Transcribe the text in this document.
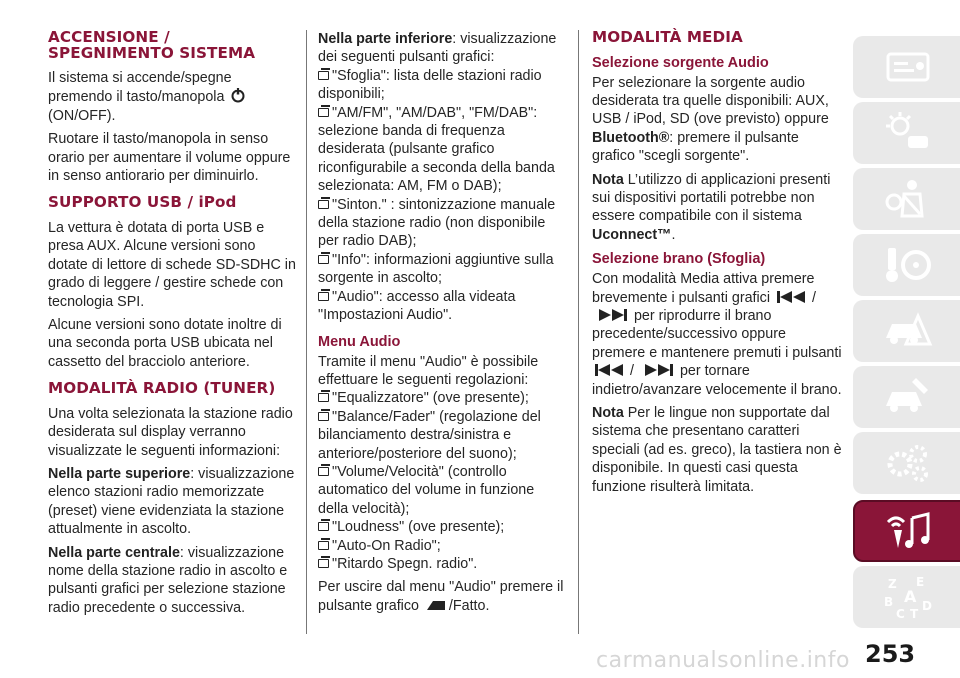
ACCENSIONE / SPEGNIMENTO SISTEMA

Il sistema si accende/spegne premendo il tasto/manopola  (ON/OFF).

Ruotare il tasto/manopola in senso orario per aumentare il volume oppure in senso antiorario per diminuirlo.

SUPPORTO USB / iPod

La vettura è dotata di porta USB e presa AUX. Alcune versioni sono dotate di lettore di schede SD-SDHC in grado di leggere / gestire schede con tecnologia SPI.

Alcune versioni sono dotate inoltre di una seconda porta USB ubicata nel cassetto del bracciolo anteriore.

MODALITÀ RADIO (TUNER)

Una volta selezionata la stazione radio desiderata sul display verranno visualizzate le seguenti informazioni:

Nella parte superiore: visualizzazione elenco stazioni radio memorizzate (preset) viene evidenziata la stazione attualmente in ascolto.

Nella parte centrale: visualizzazione nome della stazione radio in ascolto e pulsanti grafici per selezione stazione radio precedente o successiva.

Nella parte inferiore: visualizzazione dei seguenti pulsanti grafici:
"Sfoglia": lista delle stazioni radio disponibili;
"AM/FM", "AM/DAB", "FM/DAB": selezione banda di frequenza desiderata (pulsante grafico riconfigurabile a seconda della banda selezionata: AM, FM o DAB);
"Sinton." : sintonizzazione manuale della stazione radio (non disponibile per radio DAB);
"Info": informazioni aggiuntive sulla sorgente in ascolto;
"Audio": accesso alla videata "Impostazioni Audio".
Menu Audio
Tramite il menu "Audio" è possibile effettuare le seguenti regolazioni:
"Equalizzatore" (ove presente);
"Balance/Fader" (regolazione del bilanciamento destra/sinistra e anteriore/posteriore del suono);
"Volume/Velocità" (controllo automatico del volume in funzione della velocità);
"Loudness" (ove presente);
"Auto-On Radio";
"Ritardo Spegn. radio".

Per uscire dal menu "Audio" premere il pulsante grafico /Fatto.

MODALITÀ MEDIA
Selezione sorgente Audio

Per selezionare la sorgente audio desiderata tra quelle disponibili: AUX, USB / iPod, SD (ove previsto) oppure Bluetooth®: premere il pulsante grafico "scegli sorgente".

Nota L’utilizzo di applicazioni presenti sui dispositivi portatili potrebbe non essere compatibile con il sistema Uconnect™.

Selezione brano (Sfoglia)

Con modalità Media attiva premere brevemente i pulsanti grafici	/  per riprodurre il brano precedente/successivo oppure premere e mantenere premuti i pulsanti /	per tornare indietro/avanzare velocemente il brano.

Nota Per le lingue non supportate dal sistema che presentano caratteri speciali (ad es. greco), la tastiera non è disponibile. In questi casi questa funzione risulterà limitata.

Z E
B A
C
D
T
253
carmanualsonline.info
